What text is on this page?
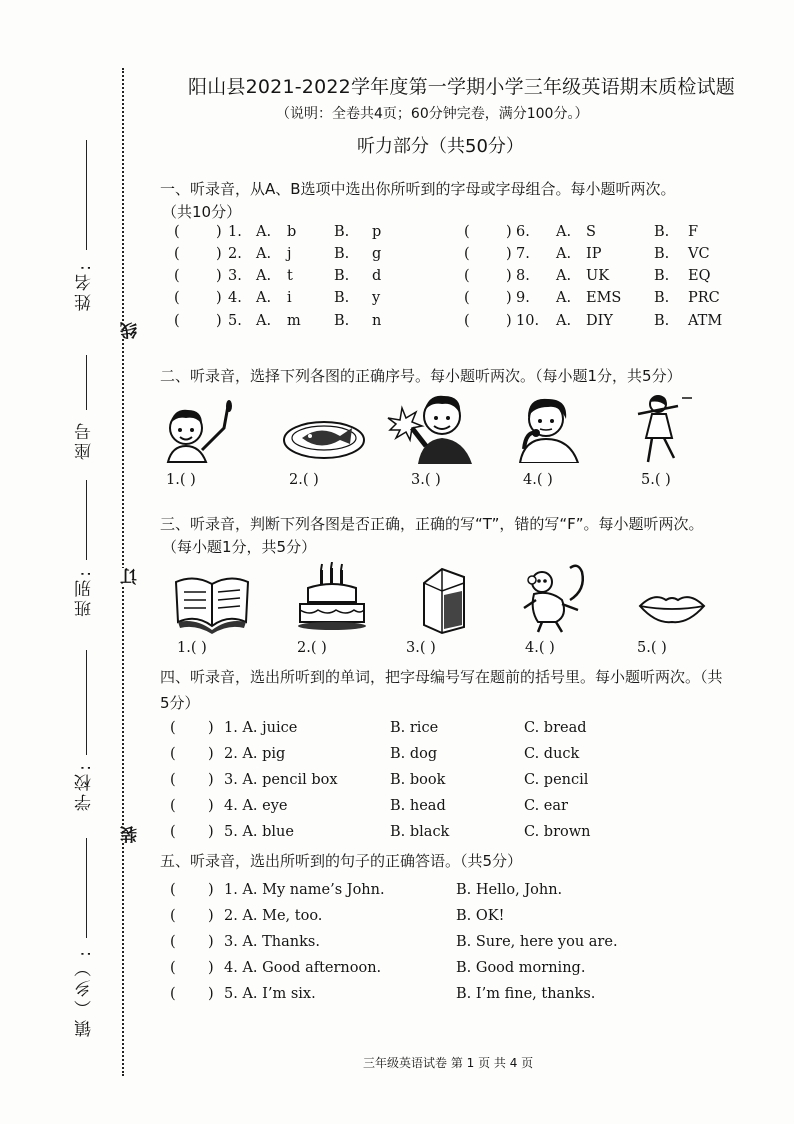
姓名:
座号
班别:
学校:
镇（乡）:
线
订
装
阳山县2021-2022学年度第一学期小学三年级英语期末质检试题
（说明：全卷共4页；60分钟完卷，满分100分。）
听力部分（共50分）
一、听录音，从A、B选项中选出你所听到的字母或字母组合。每小题听两次。
（共10分）
(	) 1. A. b	B. p
(	) 2. A. j	B. g
(	) 3. A. t	B. d
(	) 4. A. i	B. y
(	) 5. A. m B. n
(	) 6. A. S	B. F
(	) 7. A. IP	B. VC
(	) 8. A. UK	B. EQ
(	) 9. A. EMS B. PRC
(	) 10. A. DIY	B. ATM
二、听录音，选择下列各图的正确序号。每小题听两次。（每小题1分，共5分）
1.( )	2.( )	3.( )	4.( )	5.( )
三、听录音，判断下列各图是否正确，正确的写“T”，错的写“F”。每小题听两次。
（每小题1分，共5分）
1.( )	2.( )	3.( )	4.( )	5.( )
四、听录音，选出所听到的单词，把字母编号写在题前的括号里。每小题听两次。（共
5分）
( ) 1. A. juice	B. rice	C. bread
( ) 2. A. pig	B. dog	C. duck
( ) 3. A. pencil box	B. book	C. pencil
( ) 4. A. eye	B. head	C. ear
( ) 5. A. blue	B. black	C. brown
五、听录音，选出所听到的句子的正确答语。（共5分）
( ) 1. A. My name’s John.	B. Hello, John.
( ) 2. A. Me, too.	B. OK!
( ) 3. A. Thanks.	B. Sure, here you are.
( ) 4. A. Good afternoon.	B. Good morning.
( ) 5. A. I’m six.	B. I’m fine, thanks.
三年级英语试卷 第 1 页 共 4 页
